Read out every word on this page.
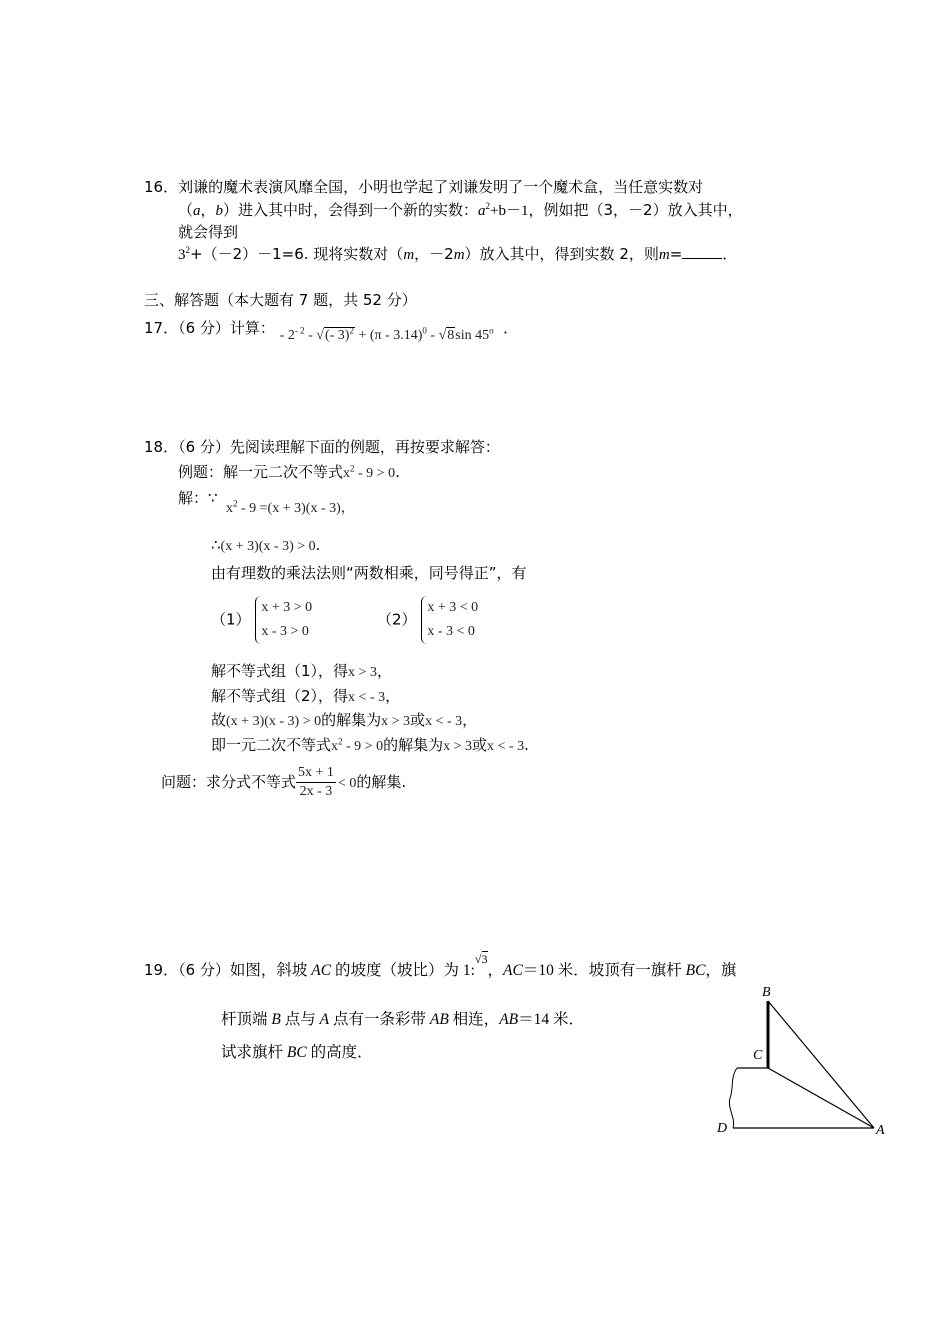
16．刘谦的魔术表演风靡全国，小明也学起了刘谦发明了一个魔术盒，当任意实数对
（a，b）进入其中时，会得到一个新的实数：$a^2+b-1$，例如把（3，－2）放入其中，
就会得到
$3^2+(-2)-1=6$. 现将实数对（m，－2m）放入其中，得到实数 2，则m=	．
三、解答题（本大题有 7 题，共 52 分）
17．（6 分）计算： - $2^{- 2}$ - √(- 3)$^2$ + (π - 3.14)$^0$ - √8sin 45$^o$ ．
18．（6 分）先阅读理解下面的例题，再按要求解答：
例题：解一元二次不等式$x^2 - 9 > 0$.
解：∵
$x^2 - 9 =(x + 3)(x - 3)$，
∴(x + 3)(x - 3) > 0.
由有理数的乘法法则“两数相乘，同号得正”，有
（1） x + 3 > 0
x - 3 > 0
（2） x + 3 < 0
x - 3 < 0
解不等式组（1），得x > 3，
解不等式组（2），得x < - 3，
故(x + 3)(x - 3) > 0的解集为x > 3或x < - 3，
即一元二次不等式$x^2 - 9 > 0$的解集为x > 3或x < - 3.
问题：求分式不等式 $\frac{5x + 1}{2x - 3} < 0$的解集.
19．（6 分）如图，斜坡 AC 的坡度（坡比）为 1:$^{√3}$，AC＝10 米．坡顶有一旗杆 BC，旗
杆顶端 B 点与 A 点有一条彩带 AB 相连，AB＝14 米．
试求旗杆 BC 的高度．
B
C
D	A
